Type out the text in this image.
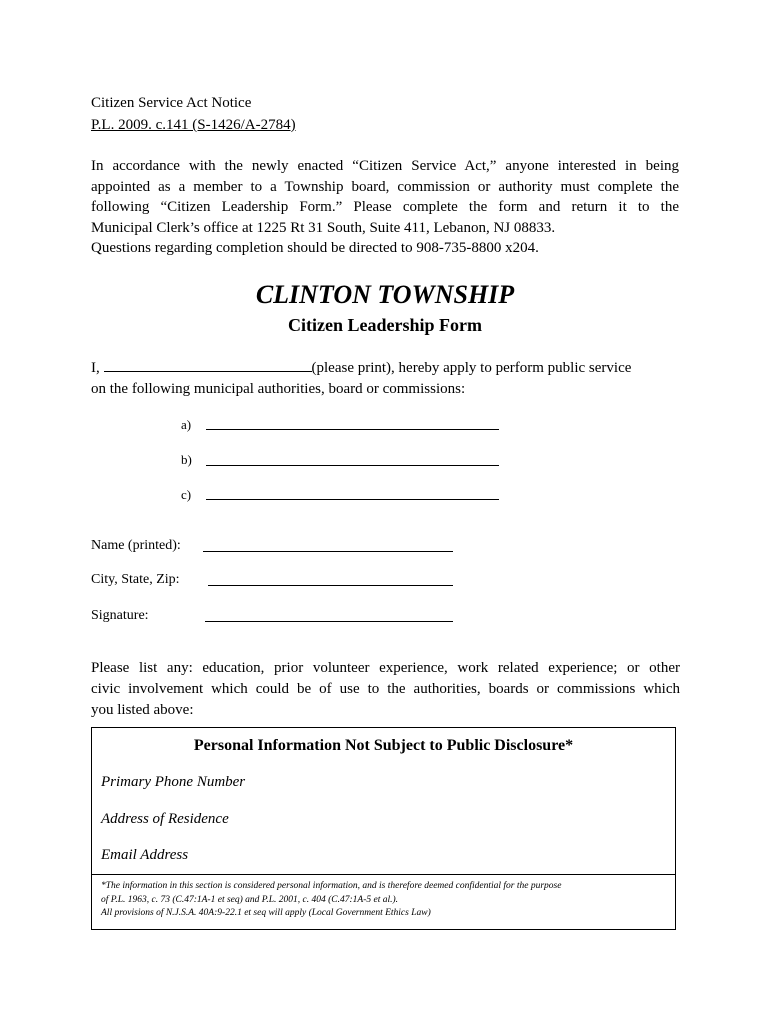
Citizen Service Act Notice
P.L. 2009. c.141 (S-1426/A-2784)

In accordance with the newly enacted “Citizen Service Act,” anyone interested in being

appointed as a member to a Township board, commission or authority must complete the

following “Citizen Leadership Form.” Please complete the form and return it to the

Municipal Clerk’s office at 1225 Rt 31 South, Suite 411, Lebanon, NJ 08833.

Questions regarding completion should be directed to 908-735-8800 x204.

CLINTON TOWNSHIP
Citizen Leadership Form
I,	(please print), hereby apply to perform public service
on the following municipal authorities, board or commissions:
a)
b)
c)
Name (printed):
City, State, Zip:
Signature:

Please list any: education, prior volunteer experience, work related experience; or other

civic involvement which could be of use to the authorities, boards or commissions which

you listed above:

Personal Information Not Subject to Public Disclosure*
Primary Phone Number
Address of Residence
Email Address
*The information in this section is considered personal information, and is therefore deemed confidential for the purpose
of P.L. 1963, c. 73 (C.47:1A-1 et seq) and P.L. 2001, c. 404 (C.47:1A-5 et al.).
All provisions of N.J.S.A. 40A:9-22.1 et seq will apply (Local Government Ethics Law)
